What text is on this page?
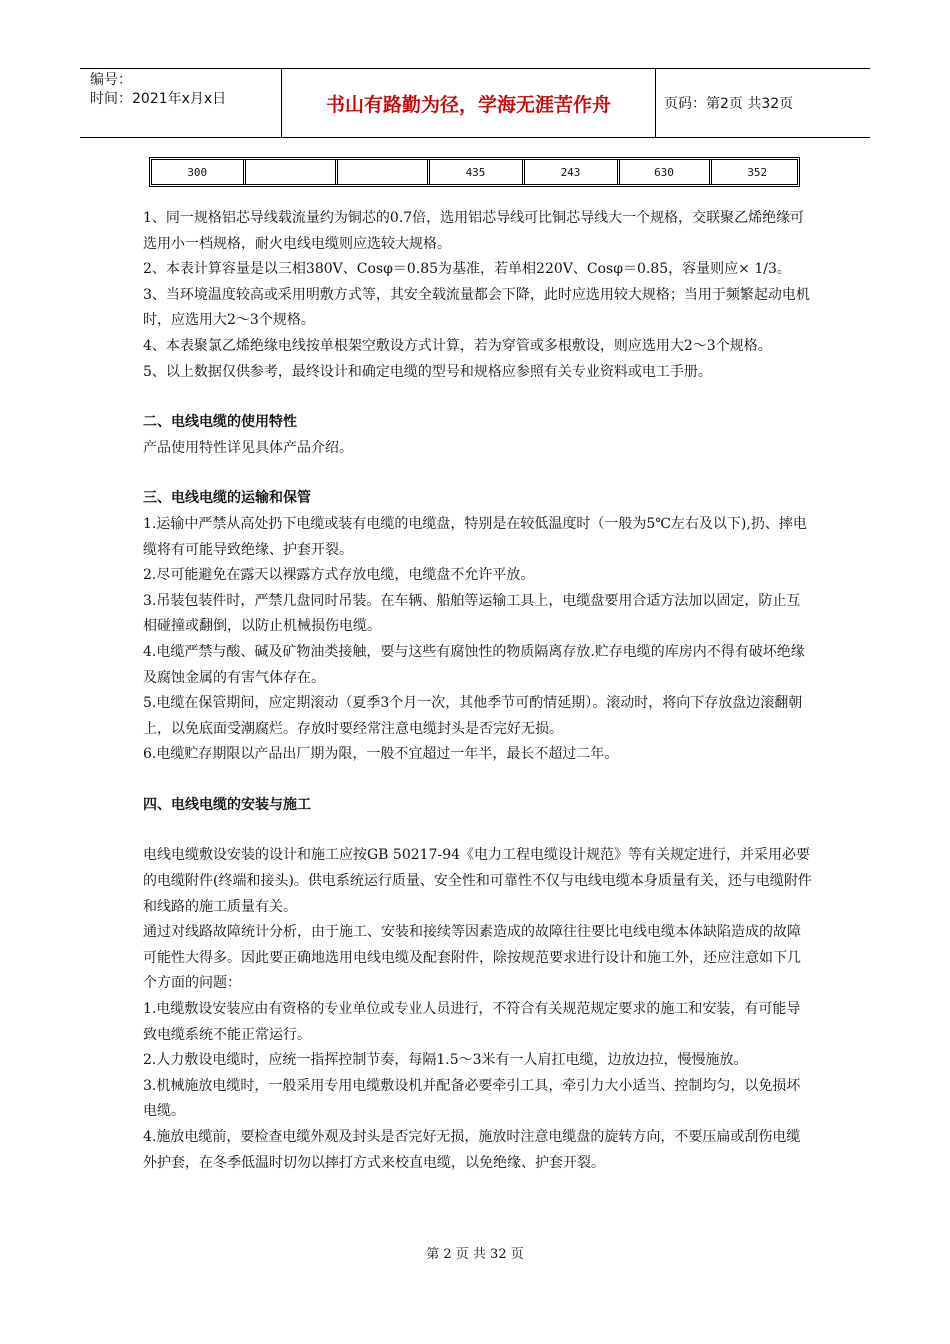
编号：
时间：2021年x月x日	书山有路勤为径，学海无涯苦作舟	页码：第2页 共32页
300			435	243	630	352

1、同一规格铝芯导线载流量约为铜芯的0.7倍，选用铝芯导线可比铜芯导线大一个规格，交联聚乙烯绝缘可选用小一档规格，耐火电线电缆则应选较大规格。

2、本表计算容量是以三相380V、Cosφ＝0.85为基准，若单相220V、Cosφ＝0.85，容量则应× 1/3。

3、当环境温度较高或采用明敷方式等，其安全载流量都会下降，此时应选用较大规格；当用于频繁起动电机时，应选用大2～3个规格。

4、本表聚氯乙烯绝缘电线按单根架空敷设方式计算，若为穿管或多根敷设，则应选用大2～3个规格。

5、以上数据仅供参考，最终设计和确定电缆的型号和规格应参照有关专业资料或电工手册。

二、电线电缆的使用特性

产品使用特性详见具体产品介绍。

三、电线电缆的运输和保管

1.运输中严禁从高处扔下电缆或装有电缆的电缆盘，特别是在较低温度时（一般为5℃左右及以下),扔、摔电缆将有可能导致绝缘、护套开裂。

2.尽可能避免在露天以裸露方式存放电缆，电缆盘不允许平放。

3.吊装包装件时，严禁几盘同时吊装。在车辆、船舶等运输工具上，电缆盘要用合适方法加以固定，防止互相碰撞或翻倒，以防止机械损伤电缆。

4.电缆严禁与酸、碱及矿物油类接触，要与这些有腐蚀性的物质隔离存放.贮存电缆的库房内不得有破坏绝缘及腐蚀金属的有害气体存在。

5.电缆在保管期间，应定期滚动（夏季3个月一次，其他季节可酌情延期）。滚动时，将向下存放盘边滚翻朝上，以免底面受潮腐烂。存放时要经常注意电缆封头是否完好无损。

6.电缆贮存期限以产品出厂期为限，一般不宜超过一年半，最长不超过二年。

四、电线电缆的安装与施工

电线电缆敷设安装的设计和施工应按GB 50217-94《电力工程电缆设计规范》等有关规定进行，并采用必要的电缆附件(终端和接头)。供电系统运行质量、安全性和可靠性不仅与电线电缆本身质量有关，还与电缆附件和线路的施工质量有关。

通过对线路故障统计分析，由于施工、安装和接续等因素造成的故障往往要比电线电缆本体缺陷造成的故障可能性大得多。因此要正确地选用电线电缆及配套附件，除按规范要求进行设计和施工外，还应注意如下几个方面的问题：

1.电缆敷设安装应由有资格的专业单位或专业人员进行，不符合有关规范规定要求的施工和安装，有可能导致电缆系统不能正常运行。

2.人力敷设电缆时，应统一指挥控制节奏，每隔1.5～3米有一人肩扛电缆，边放边拉，慢慢施放。

3.机械施放电缆时，一般采用专用电缆敷设机并配备必要牵引工具，牵引力大小适当、控制均匀，以免损坏电缆。

4.施放电缆前，要检查电缆外观及封头是否完好无损，施放时注意电缆盘的旋转方向，不要压扁或刮伤电缆外护套，在冬季低温时切勿以摔打方式来校直电缆，以免绝缘、护套开裂。

第 2 页 共 32 页
